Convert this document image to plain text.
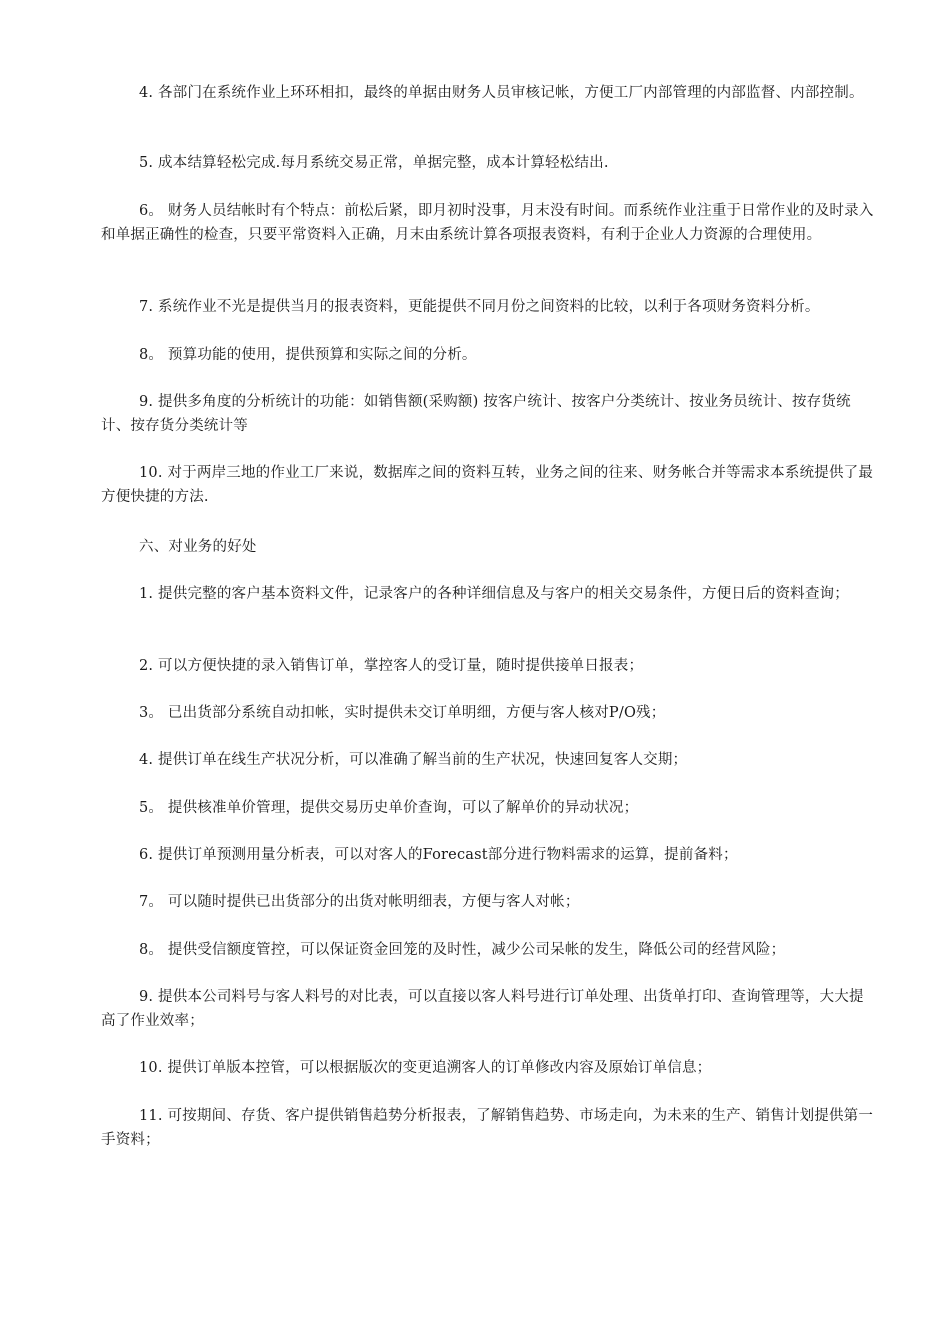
4. 各部门在系统作业上环环相扣，最终的单据由财务人员审核记帐，方便工厂内部管理的内部监督、内部控制。

5. 成本结算轻松完成.每月系统交易正常，单据完整，成本计算轻松结出.

6。 财务人员结帐时有个特点：前松后紧，即月初时没事，月末没有时间。而系统作业注重于日常作业的及时录入和单据正确性的检查，只要平常资料入正确，月末由系统计算各项报表资料，有利于企业人力资源的合理使用。

7. 系统作业不光是提供当月的报表资料，更能提供不同月份之间资料的比较，以利于各项财务资料分析。

8。 预算功能的使用，提供预算和实际之间的分析。

9. 提供多角度的分析统计的功能：如销售额(采购额) 按客户统计、按客户分类统计、按业务员统计、按存货统计、按存货分类统计等

10. 对于两岸三地的作业工厂来说，数据库之间的资料互转，业务之间的往来、财务帐合并等需求本系统提供了最方便快捷的方法.

六、对业务的好处

1. 提供完整的客户基本资料文件，记录客户的各种详细信息及与客户的相关交易条件，方便日后的资料查询；

2. 可以方便快捷的录入销售订单，掌控客人的受订量，随时提供接单日报表；

3。 已出货部分系统自动扣帐，实时提供未交订单明细，方便与客人核对P/O残；

4. 提供订单在线生产状况分析，可以准确了解当前的生产状况，快速回复客人交期；

5。 提供核准单价管理，提供交易历史单价查询，可以了解单价的异动状况；

6. 提供订单预测用量分析表，可以对客人的Forecast部分进行物料需求的运算，提前备料；

7。 可以随时提供已出货部分的出货对帐明细表，方便与客人对帐；

8。 提供受信额度管控，可以保证资金回笼的及时性，减少公司呆帐的发生，降低公司的经营风险；

9. 提供本公司料号与客人料号的对比表，可以直接以客人料号进行订单处理、出货单打印、查询管理等，大大提高了作业效率；

10. 提供订单版本控管，可以根据版次的变更追溯客人的订单修改内容及原始订单信息；

11. 可按期间、存货、客户提供销售趋势分析报表，了解销售趋势、市场走向，为未来的生产、销售计划提供第一手资料；
